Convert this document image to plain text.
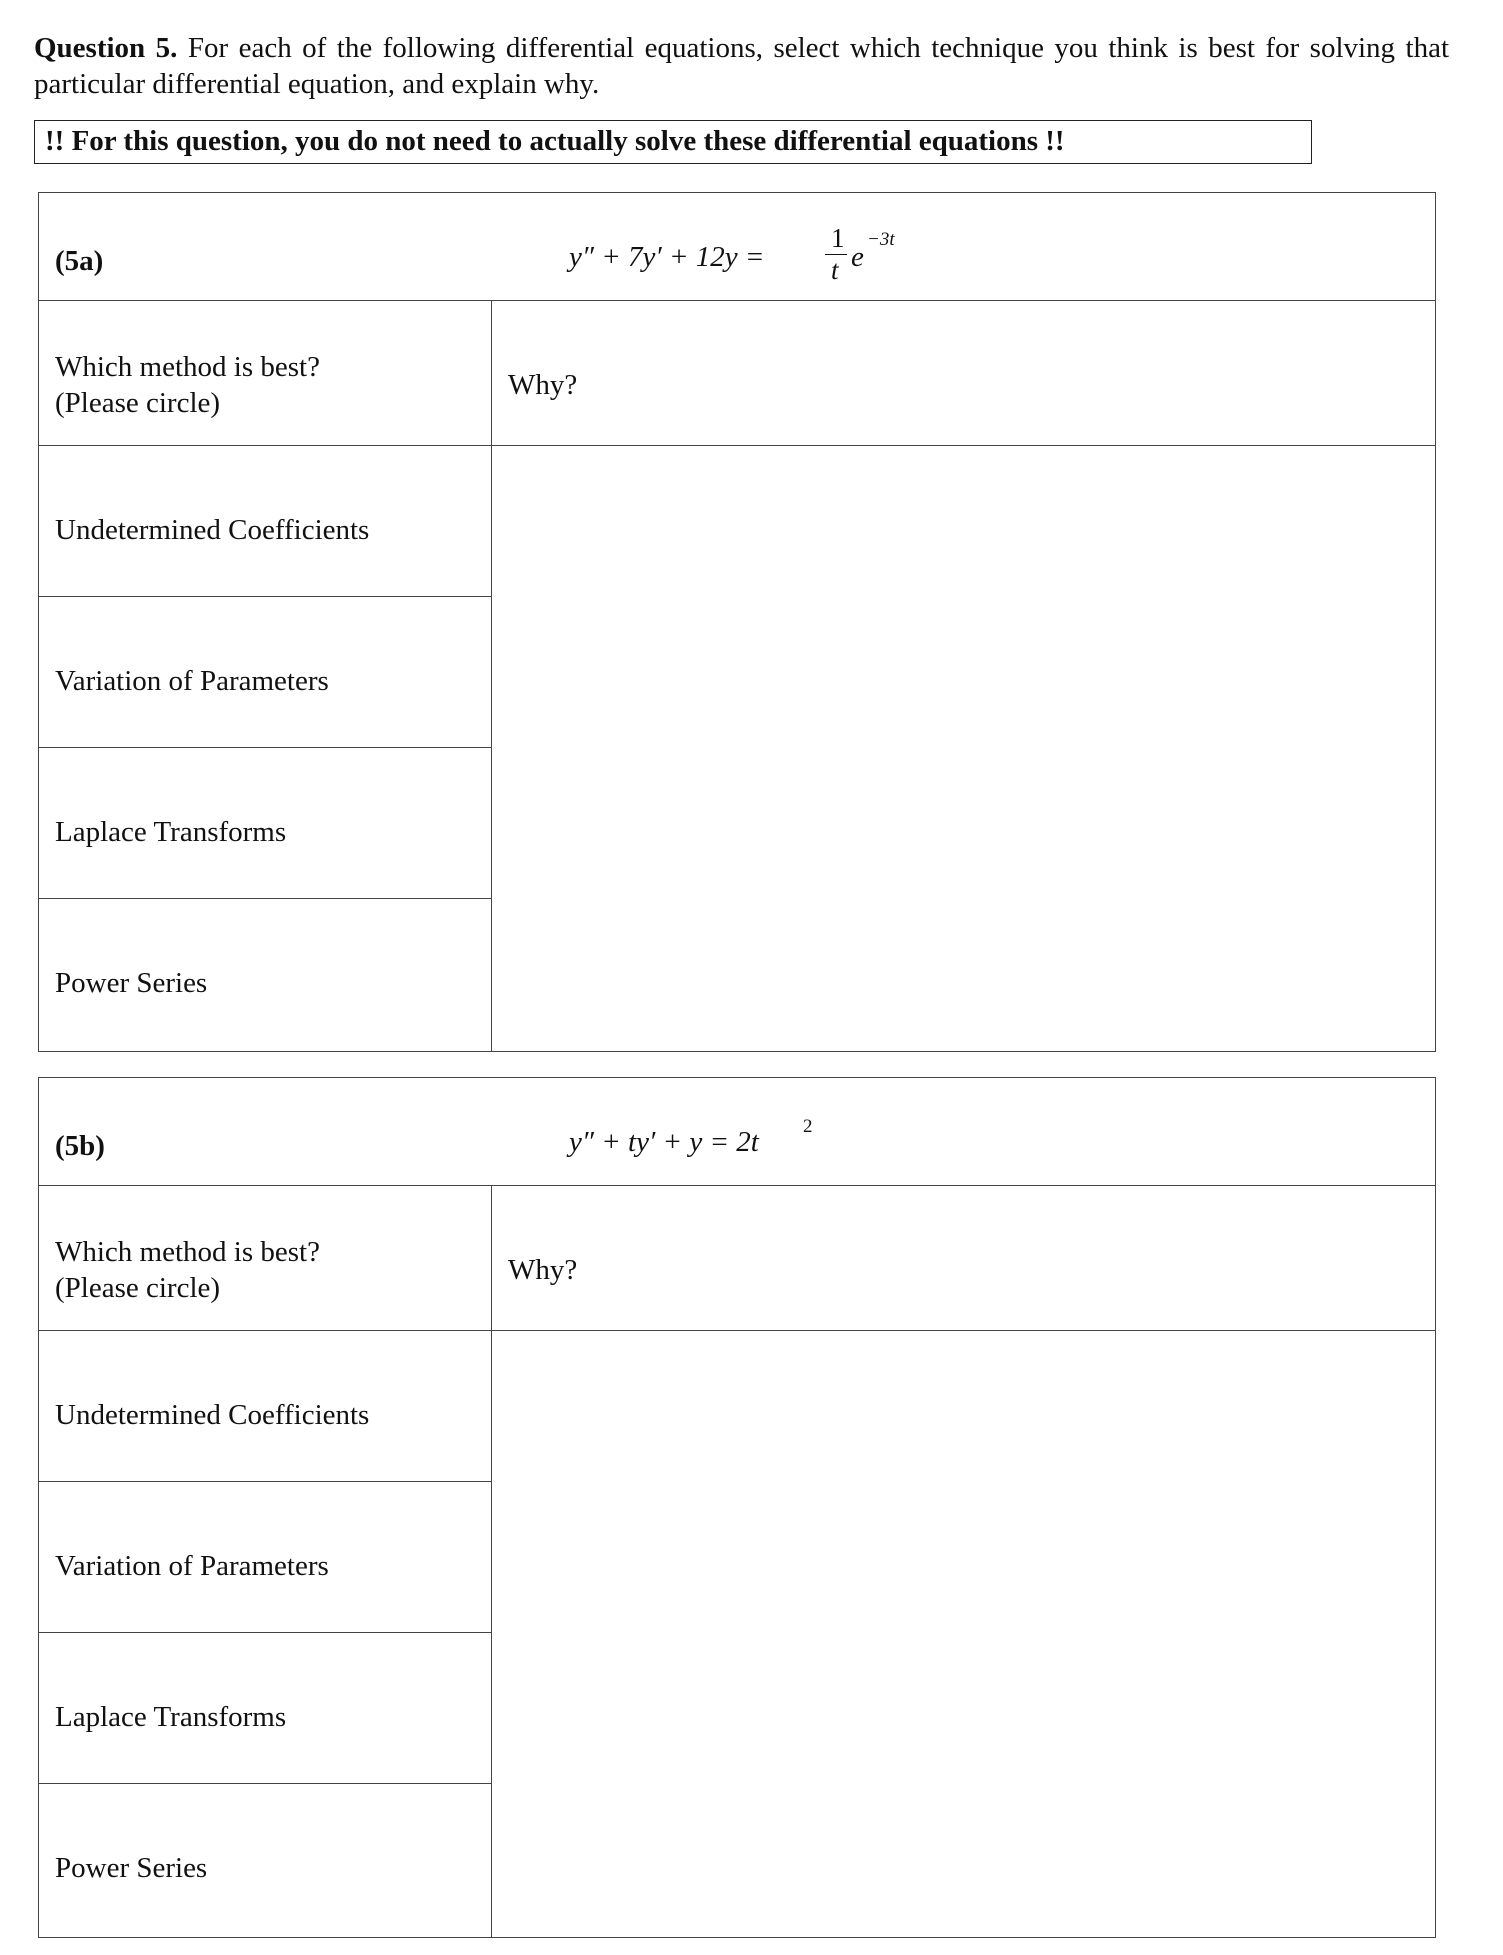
Question 5. For each of the following differential equations, select which technique you think is best for solving that particular differential equation, and explain why.
!! For this question, you do not need to actually solve these differential equations !!
(5a)	y″ + 7y′ + 12y =
1
t e
−3t
Why?
Which method is best?
(Please circle)
Undetermined Coefficients
Variation of Parameters
Laplace Transforms
Power Series
(5b)	y″ + ty′ + y = 2t 2
Why?
Which method is best?
(Please circle)
Undetermined Coefficients
Variation of Parameters
Laplace Transforms
Power Series
